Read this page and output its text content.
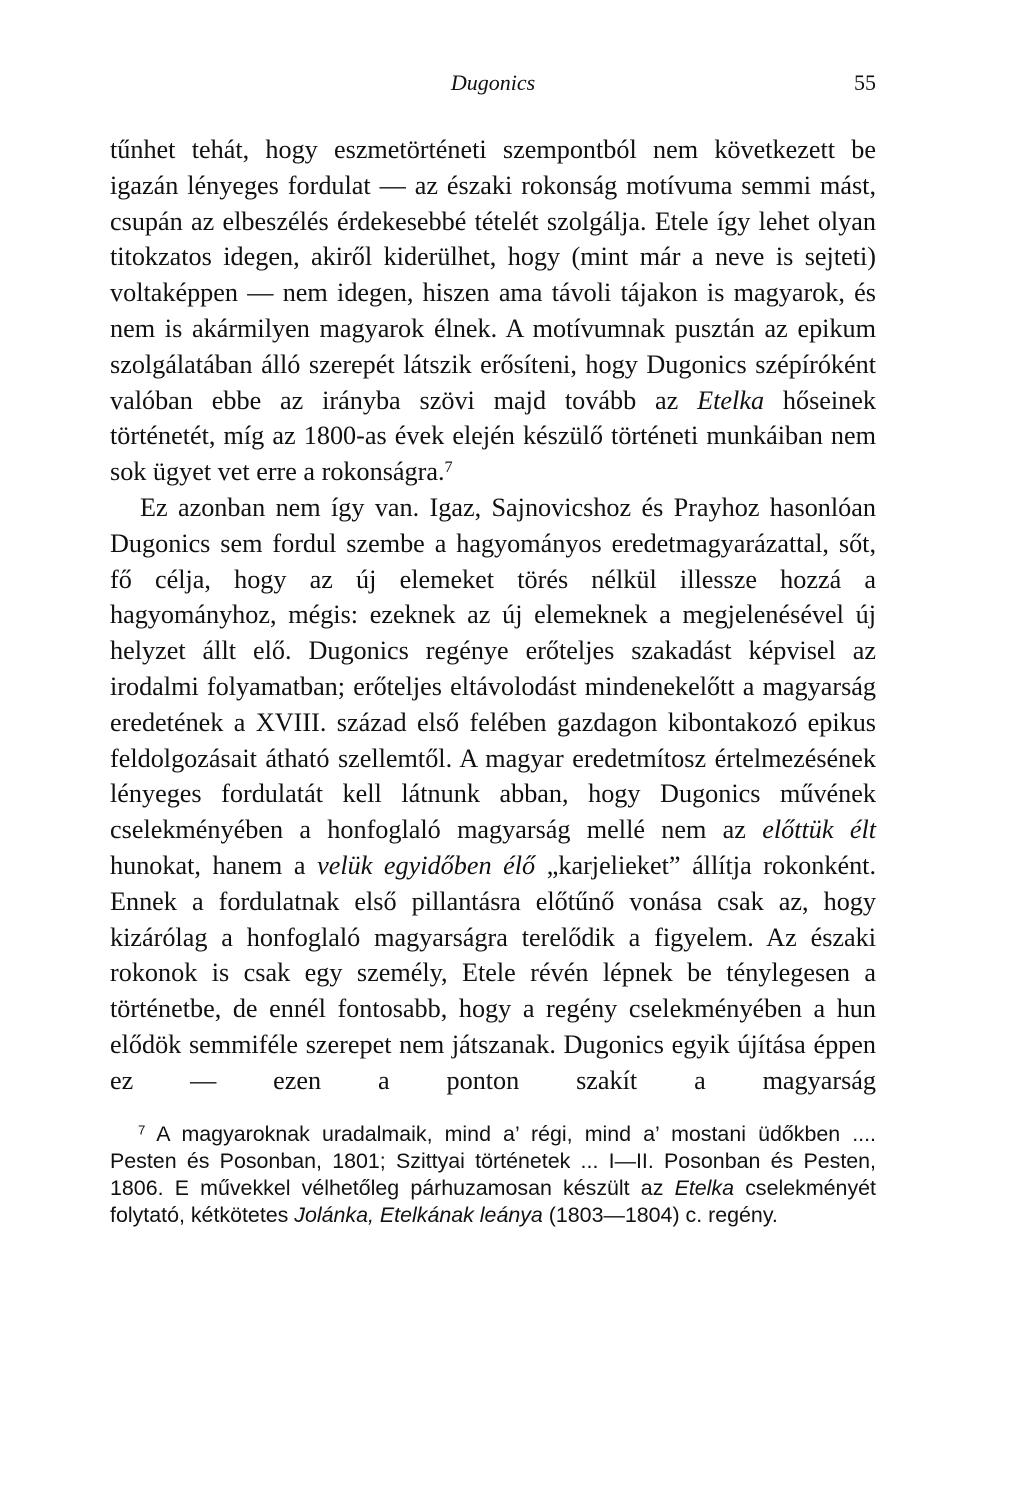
Dugonics	55

tűnhet tehát, hogy eszmetörténeti szempontból nem következett be igazán lényeges fordulat — az északi rokonság motívuma semmi mást, csupán az elbeszélés érdekesebbé tételét szolgálja. Etele így lehet olyan titokzatos idegen, akiről kiderülhet, hogy (mint már a neve is sejteti) voltaképpen — nem idegen, hiszen ama távoli tájakon is magyarok, és nem is akármilyen magyarok élnek. A motívumnak pusztán az epikum szolgálatában álló szerepét látszik erősíteni, hogy Dugonics szépíróként valóban ebbe az irányba szövi majd tovább az Etelka hőseinek történetét, míg az 1800-as évek elején készülő történeti munkáiban nem sok ügyet vet erre a rokonságra.$^7$

Ez azonban nem így van. Igaz, Sajnovicshoz és Prayhoz hasonlóan Dugonics sem fordul szembe a hagyományos eredetmagyarázattal, sőt, fő célja, hogy az új elemeket törés nélkül illessze hozzá a hagyományhoz, mégis: ezeknek az új elemeknek a megjelenésével új helyzet állt elő. Dugonics regénye erőteljes szakadást képvisel az irodalmi folyamatban; erőteljes eltávolodást mindenekelőtt a magyarság eredetének a XVIII. század első felében gazdagon kibontakozó epikus feldolgozásait átható szellemtől. A magyar eredetmítosz értelmezésének lényeges fordulatát kell látnunk abban, hogy Dugonics művének cselekményében a honfoglaló magyarság mellé nem az előttük élt hunokat, hanem a velük egyidőben élő „karjelieket” állítja rokonként. Ennek a fordulatnak első pillantásra előtűnő vonása csak az, hogy kizárólag a honfoglaló magyarságra terelődik a figyelem. Az északi rokonok is csak egy személy, Etele révén lépnek be ténylegesen a történetbe, de ennél fontosabb, hogy a regény cselekményében a hun elődök semmiféle szerepet nem játszanak. Dugonics egyik újítása éppen ez — ezen a ponton szakít a magyarság

$^7$ A magyaroknak uradalmaik, mind a’ régi, mind a’ mostani üdőkben .... Pesten és Posonban, 1801; Szittyai történetek ... I—II. Posonban és Pesten, 1806. E művekkel vélhetőleg párhuzamosan készült az Etelka cselekményét folytató, kétkötetes Jolánka, Etelkának leánya (1803—1804) c. regény.
